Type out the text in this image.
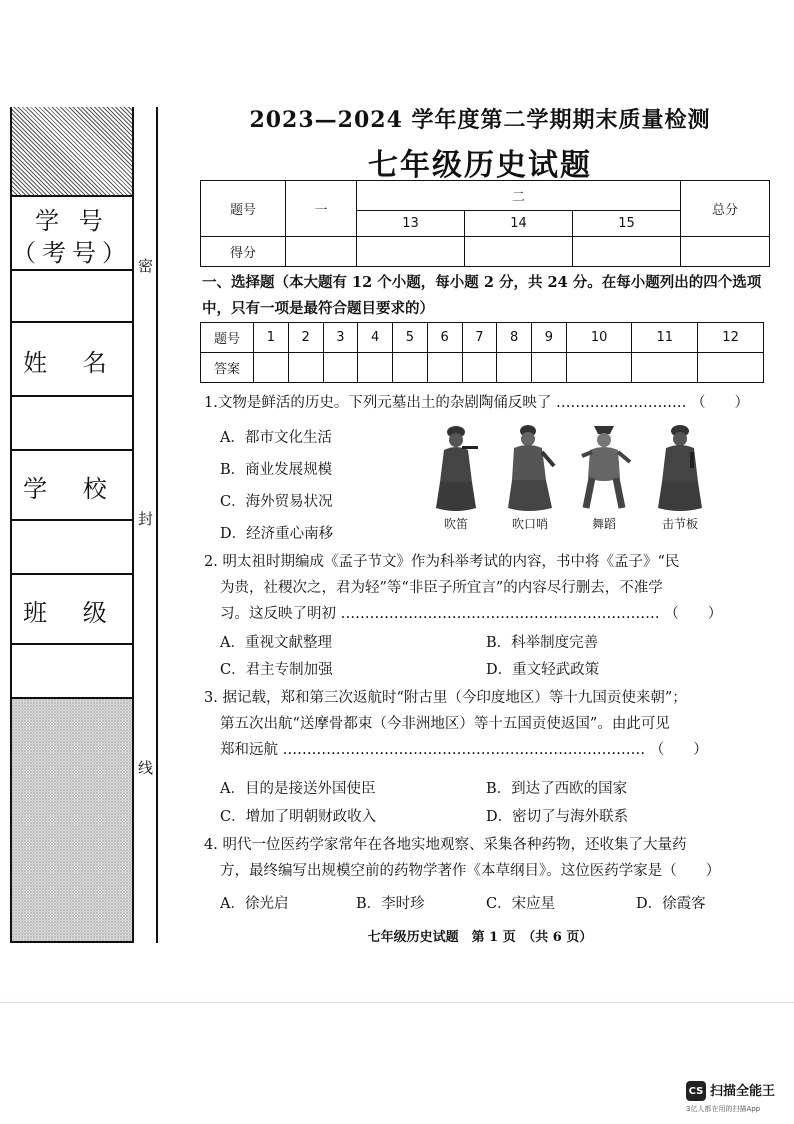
学 号
（考号）
姓 名
学 校
班 级
密
封
线
2023—2024 学年度第二学期期末质量检测
七年级历史试题
题号	一	二			总分
		13	14	15	
得分					
一、选择题（本大题有 12 个小题，每小题 2 分，共 24 分。在每小题列出的四个选项中，只有一项是最符合题目要求的）
题号	1	2	3	4	5	6	7	8	9	10	11	12
答案												
1.文物是鲜活的历史。下列元墓出土的杂剧陶俑反映了 ……………………… （　　）
A．都市文化生活
B．商业发展规模
C．海外贸易状况
D．经济重心南移
吹笛	吹口哨	舞蹈	击节板
2. 明太祖时期编成《孟子节文》作为科举考试的内容，书中将《孟子》“民
为贵，社稷次之，君为轻”等“非臣子所宜言”的内容尽行删去，不准学
习。这反映了明初 ………………………………………………………… （　　）
A．重视文献整理	B．科举制度完善
C．君主专制加强	D．重文轻武政策
3. 据记载，郑和第三次返航时“附古里（今印度地区）等十九国贡使来朝”；
第五次出航“送摩骨都束（今非洲地区）等十五国贡使返国”。由此可见
郑和远航 ………………………………………………………………… （　　）
A．目的是接送外国使臣	B．到达了西欧的国家
C．增加了明朝财政收入	D．密切了与海外联系
4. 明代一位医药学家常年在各地实地观察、采集各种药物，还收集了大量药
方，最终编写出规模空前的药物学著作《本草纲目》。这位医药学家是（　　）
A．徐光启	B．李时珍	C．宋应星	D．徐霞客
七年级历史试题　第 1 页　（共 6 页）
CS 扫描全能王
3亿人都在用的扫描App
